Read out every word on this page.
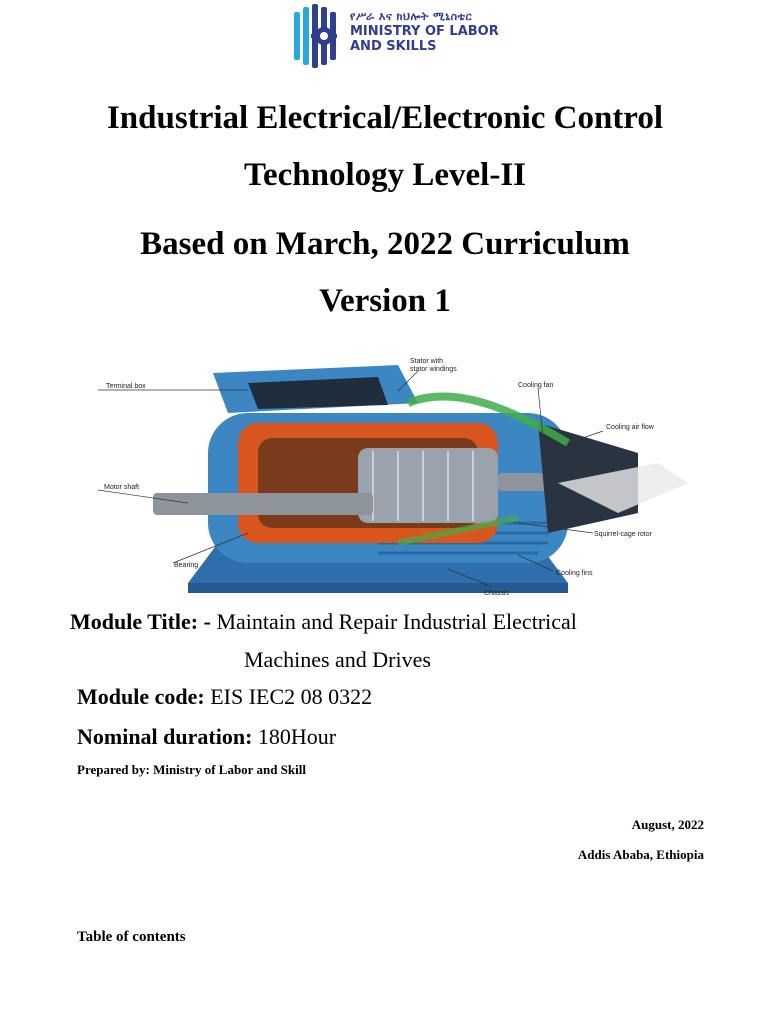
የሥራ እና ክህሎት ሚኒስቴር
MINISTRY OF LABOR
AND SKILLS
Industrial Electrical/Electronic Control
Technology Level-II
Based on March, 2022 Curriculum
Version 1
Stator with
stator windings
Terminal box	Cooling fan
Cooling air flow
Motor shaft
Squirrel-cage rotor
Bearing
Cooling fins
Chassis
Module Title: - Maintain and Repair Industrial Electrical
Machines and Drives
Module code: EIS IEC2 08 0322
Nominal duration: 180Hour
Prepared by: Ministry of Labor and Skill
August, 2022
Addis Ababa, Ethiopia
Table of contents
